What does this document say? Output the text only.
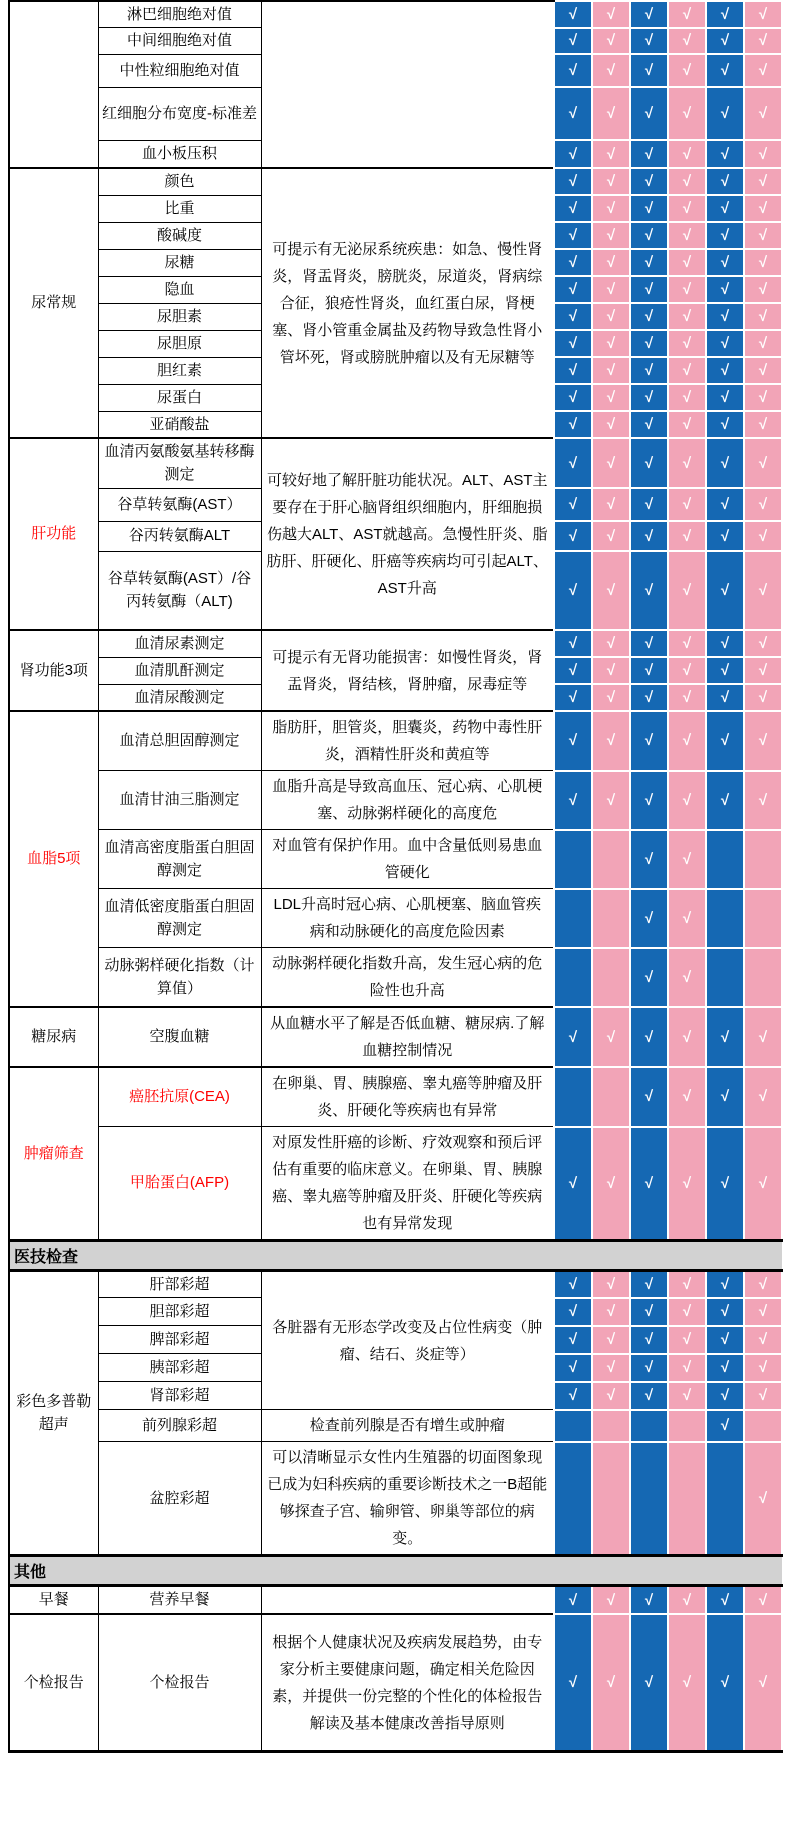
	淋巴细胞绝对值		√	√	√	√	√	√
	中间细胞绝对值		√	√	√	√	√	√
	中性粒细胞绝对值		√	√	√	√	√	√
	红细胞分布宽度-标准差		√	√	√	√	√	√
	血小板压积		√	√	√	√	√	√
尿常规	颜色	可提示有无泌尿系统疾患：如急、慢性肾炎，肾盂肾炎，膀胱炎，尿道炎，肾病综合征，狼疮性肾炎，血红蛋白尿，肾梗塞、肾小管重金属盐及药物导致急性肾小管坏死，肾或膀胱肿瘤以及有无尿糖等	√	√	√	√	√	√
	比重		√	√	√	√	√	√
	酸碱度		√	√	√	√	√	√
	尿糖		√	√	√	√	√	√
	隐血		√	√	√	√	√	√
	尿胆素		√	√	√	√	√	√
	尿胆原		√	√	√	√	√	√
	胆红素		√	√	√	√	√	√
	尿蛋白		√	√	√	√	√	√
	亚硝酸盐		√	√	√	√	√	√
肝功能	血清丙氨酸氨基转移酶测定	可较好地了解肝脏功能状况。ALT、AST主要存在于肝心脑肾组织细胞内，肝细胞损伤越大ALT、AST就越高。急慢性肝炎、脂肪肝、肝硬化、肝癌等疾病均可引起ALT、AST升高	√	√	√	√	√	√
	谷草转氨酶(AST）		√	√	√	√	√	√
	谷丙转氨酶ALT		√	√	√	√	√	√
	谷草转氨酶(AST）/谷丙转氨酶（ALT)		√	√	√	√	√	√
肾功能3项	血清尿素测定	可提示有无肾功能损害：如慢性肾炎，肾盂肾炎，肾结核，肾肿瘤，尿毒症等	√	√	√	√	√	√
	血清肌酐测定		√	√	√	√	√	√
	血清尿酸测定		√	√	√	√	√	√
血脂5项	血清总胆固醇测定	脂肪肝，胆管炎，胆囊炎，药物中毒性肝炎，酒精性肝炎和黄疸等	√	√	√	√	√	√
	血清甘油三脂测定	血脂升高是导致高血压、冠心病、心肌梗塞、动脉粥样硬化的高度危	√	√	√	√	√	√
	血清高密度脂蛋白胆固醇测定	对血管有保护作用。血中含量低则易患血管硬化			√	√		
	血清低密度脂蛋白胆固醇测定	LDL升高时冠心病、心肌梗塞、脑血管疾病和动脉硬化的高度危险因素			√	√		
	动脉粥样硬化指数（计算值）	动脉粥样硬化指数升高，发生冠心病的危险性也升高			√	√		
糖尿病	空腹血糖	从血糖水平了解是否低血糖、糖尿病.了解血糖控制情况	√	√	√	√	√	√
肿瘤筛查	癌胚抗原(CEA)	在卵巢、胃、胰腺癌、睾丸癌等肿瘤及肝炎、肝硬化等疾病也有异常			√	√	√	√
	甲胎蛋白(AFP)	对原发性肝癌的诊断、疗效观察和预后评估有重要的临床意义。在卵巢、胃、胰腺癌、睾丸癌等肿瘤及肝炎、肝硬化等疾病也有异常发现	√	√	√	√	√	√
医技检查								
彩色多普勒超声	肝部彩超	各脏器有无形态学改变及占位性病变（肿瘤、结石、炎症等）	√	√	√	√	√	√
	胆部彩超		√	√	√	√	√	√
	脾部彩超		√	√	√	√	√	√
	胰部彩超		√	√	√	√	√	√
	肾部彩超		√	√	√	√	√	√
	前列腺彩超	检查前列腺是否有增生或肿瘤					√	
	盆腔彩超	可以清晰显示女性内生殖器的切面图象现已成为妇科疾病的重要诊断技术之一B超能够探查子宫、输卵管、卵巢等部位的病变。						√
其他								
早餐	营养早餐		√	√	√	√	√	√
个检报告	个检报告	根据个人健康状况及疾病发展趋势，由专家分析主要健康问题，确定相关危险因素，并提供一份完整的个性化的体检报告解读及基本健康改善指导原则	√	√	√	√	√	√
